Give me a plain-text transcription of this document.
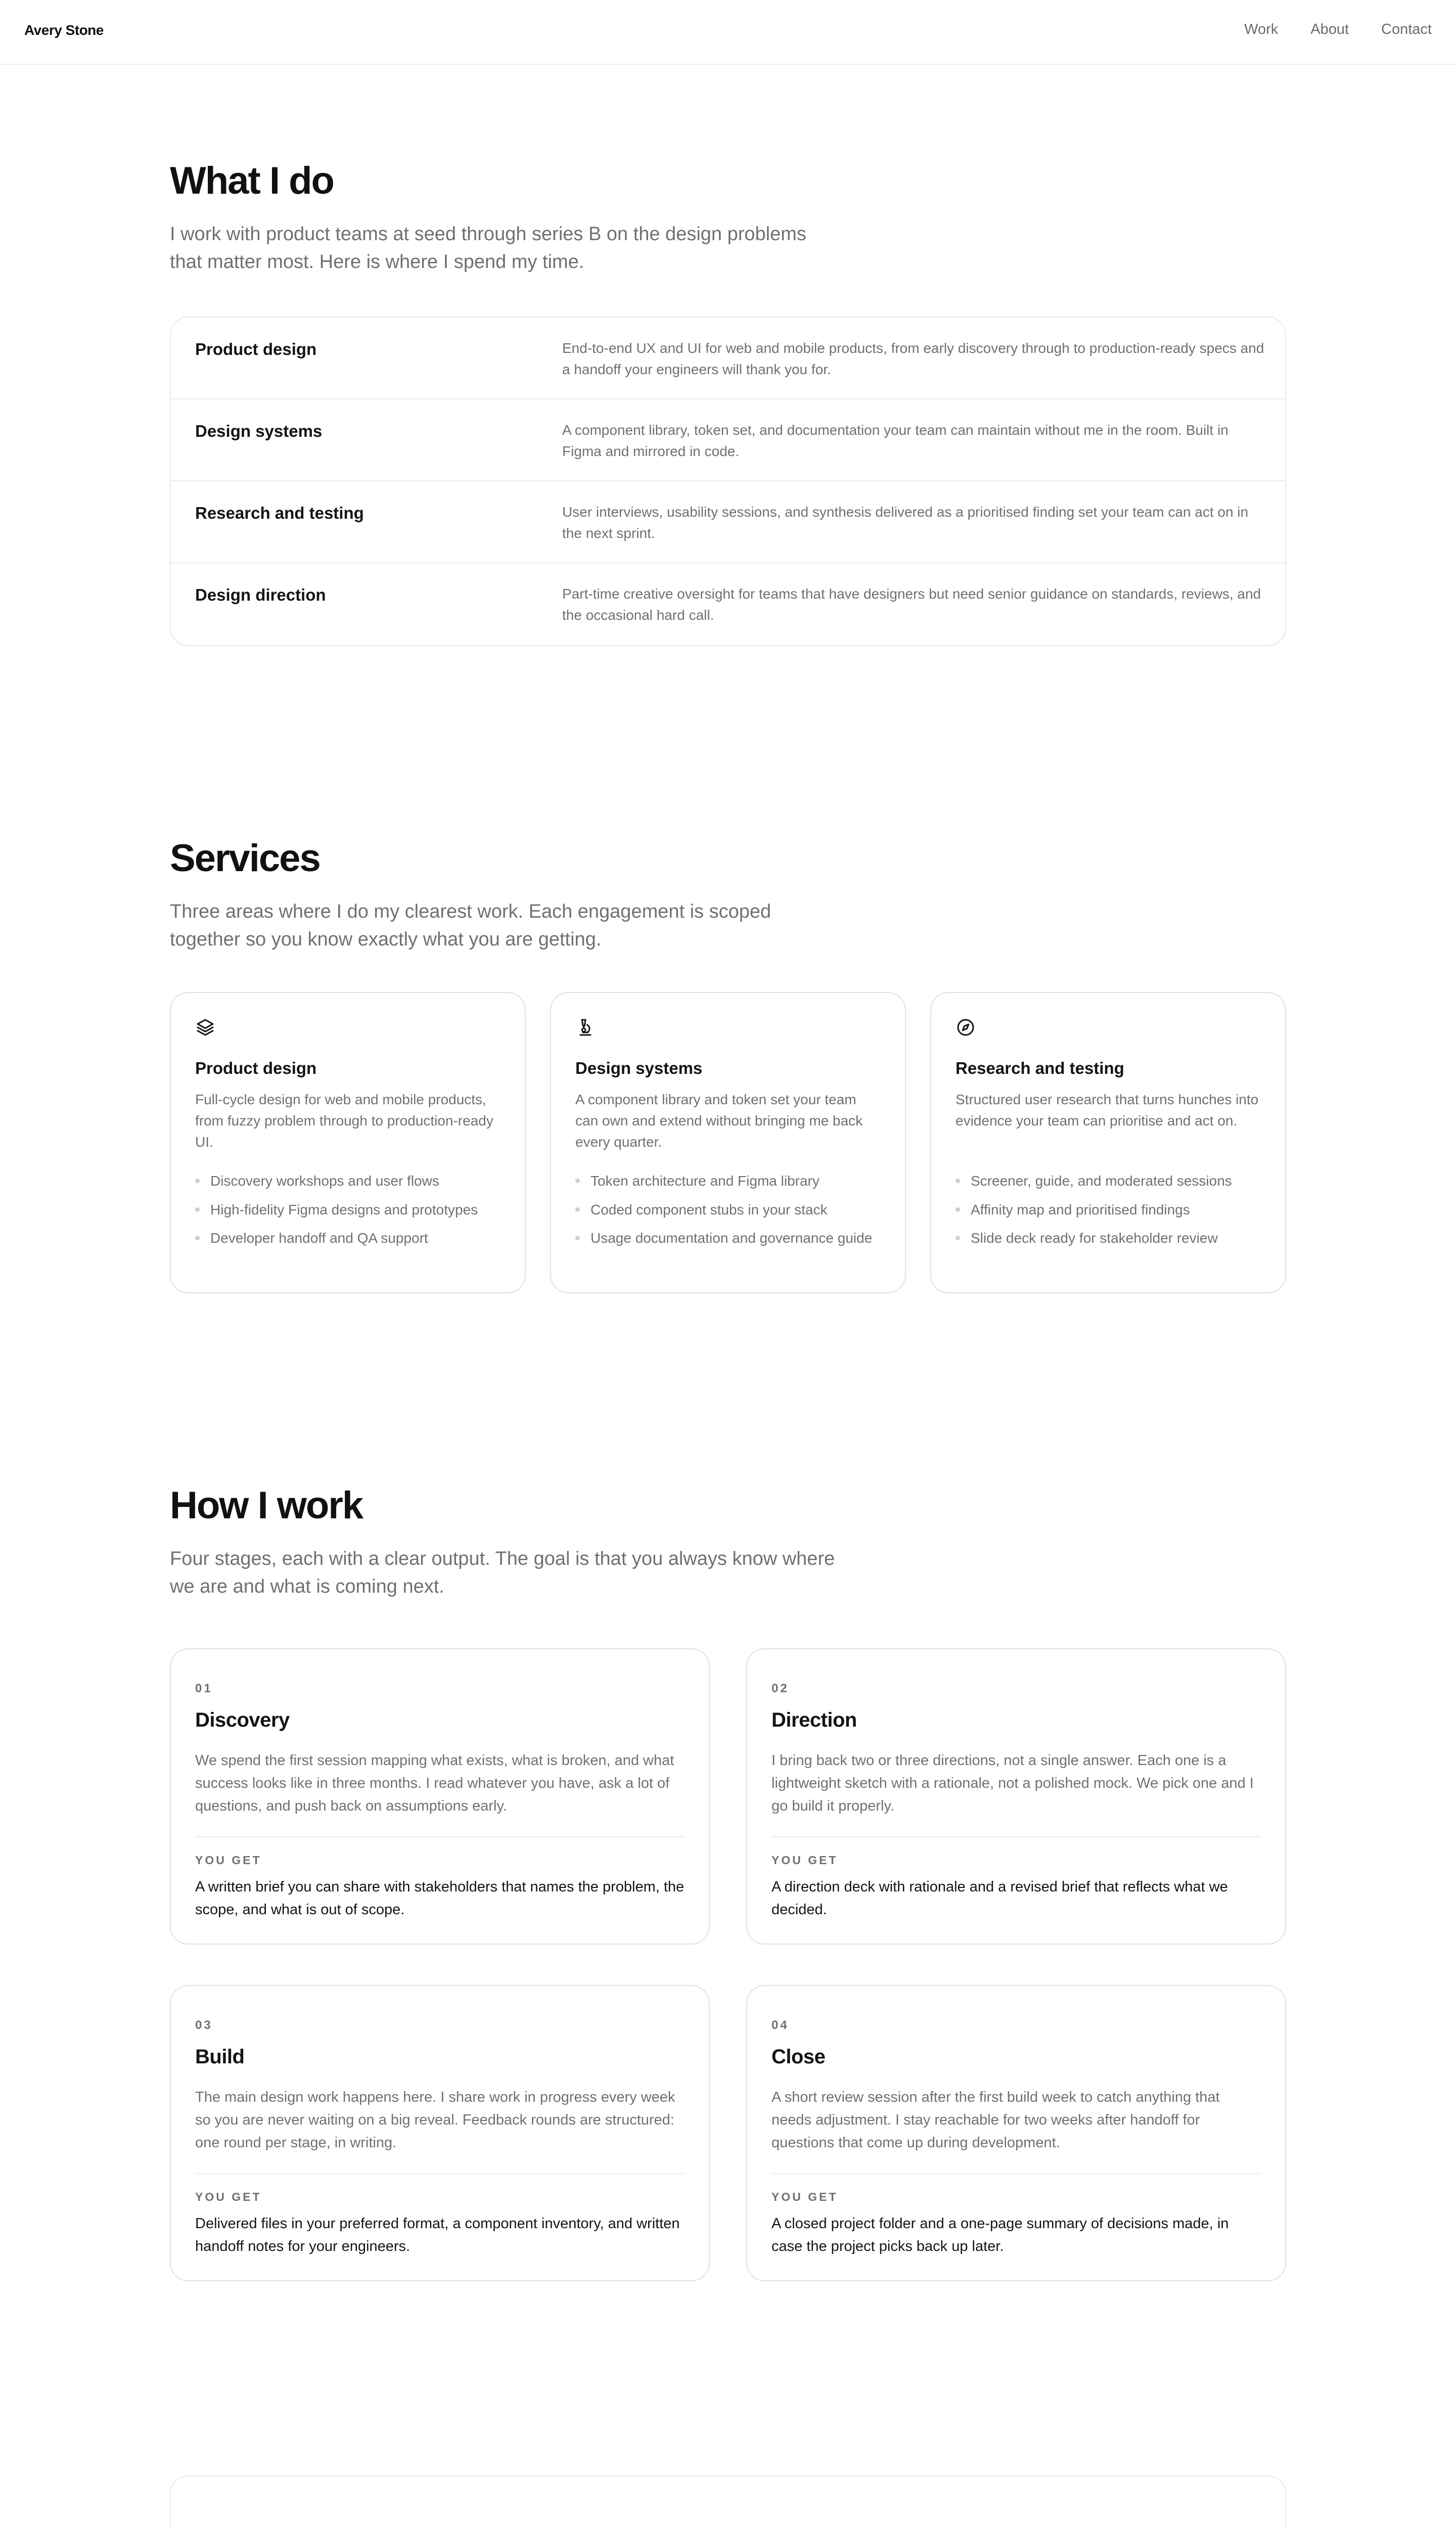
Avery Stone	Work About Contact
What I do

I work with product teams at seed through series B on the design problems that matter most. Here is where I spend my time.

Product design	End-to-end UX and UI for web and mobile products, from early discovery through to production-ready specs and a handoff your engineers will thank you for.
Design systems	A component library, token set, and documentation your team can maintain without me in the room. Built in Figma and mirrored in code.
Research and testing	User interviews, usability sessions, and synthesis delivered as a prioritised finding set your team can act on in the next sprint.
Design direction	Part-time creative oversight for teams that have designers but need senior guidance on standards, reviews, and the occasional hard call.
Services

Three areas where I do my clearest work. Each engagement is scoped together so you know exactly what you are getting.

Product design
Full-cycle design for web and mobile products, from fuzzy problem through to production-ready UI.
Discovery workshops and user flows
High-fidelity Figma designs and prototypes
Developer handoff and QA support
Design systems
A component library and token set your team can own and extend without bringing me back every quarter.
Token architecture and Figma library
Coded component stubs in your stack
Usage documentation and governance guide
Research and testing
Structured user research that turns hunches into evidence your team can prioritise and act on.
Screener, guide, and moderated sessions
Affinity map and prioritised findings
Slide deck ready for stakeholder review
How I work

Four stages, each with a clear output. The goal is that you always know where we are and what is coming next.

01
Discovery
We spend the first session mapping what exists, what is broken, and what success looks like in three months. I read whatever you have, ask a lot of questions, and push back on assumptions early.
YOU GET
A written brief you can share with stakeholders that names the problem, the scope, and what is out of scope.
02
Direction
I bring back two or three directions, not a single answer. Each one is a lightweight sketch with a rationale, not a polished mock. We pick one and I go build it properly.
YOU GET
A direction deck with rationale and a revised brief that reflects what we decided.
03
Build
The main design work happens here. I share work in progress every week so you are never waiting on a big reveal. Feedback rounds are structured: one round per stage, in writing.
YOU GET
Delivered files in your preferred format, a component inventory, and written handoff notes for your engineers.
04
Close
A short review session after the first build week to catch anything that needs adjustment. I stay reachable for two weeks after handoff for questions that come up during development.
YOU GET
A closed project folder and a one-page summary of decisions made, in case the project picks back up later.
